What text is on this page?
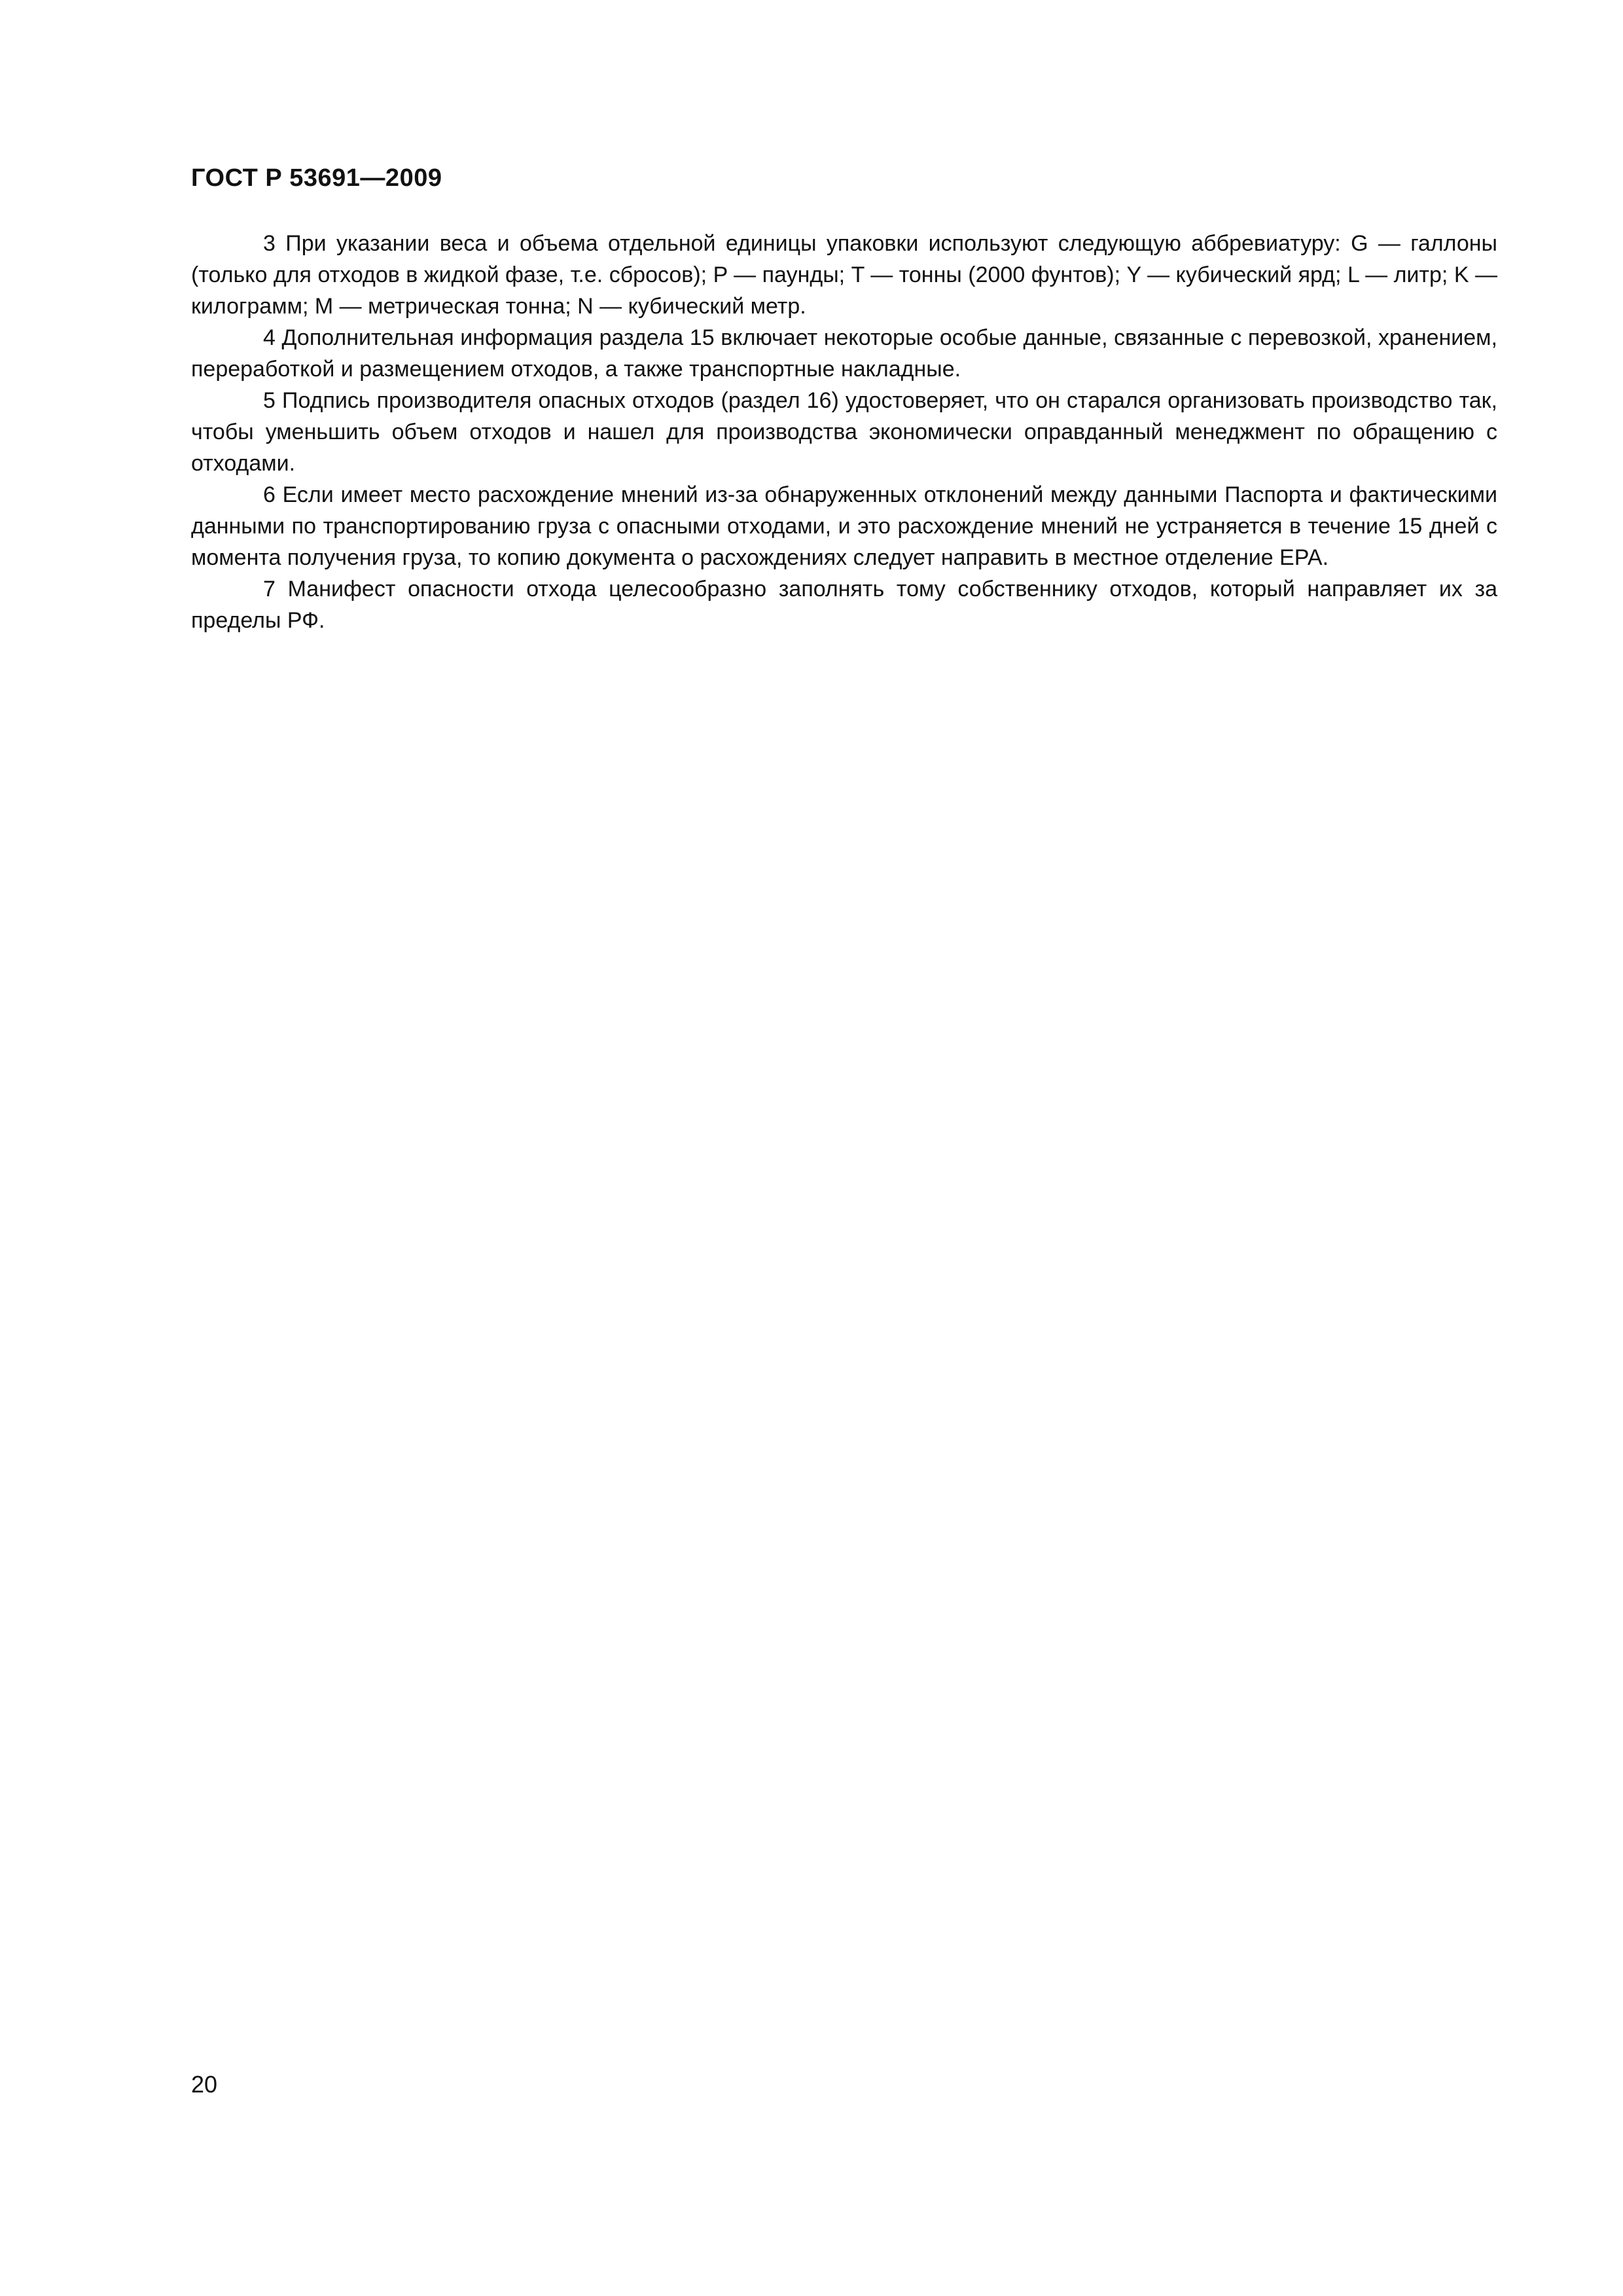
ГОСТ Р 53691—2009

3 При указании веса и объема отдельной единицы упаковки используют следующую аббревиатуру: G — галлоны (только для отходов в жидкой фазе, т.е. сбросов); P — паунды; T — тонны (2000 фунтов); Y — кубический ярд; L — литр; K — килограмм; M — метрическая тонна; N — кубический метр.

4 Дополнительная информация раздела 15 включает некоторые особые данные, связанные с перевозкой, хранением, переработкой и размещением отходов, а также транспортные накладные.

5 Подпись производителя опасных отходов (раздел 16) удостоверяет, что он старался организовать производство так, чтобы уменьшить объем отходов и нашел для производства экономически оправданный менеджмент по обращению с отходами.

6 Если имеет место расхождение мнений из-за обнаруженных отклонений между данными Паспорта и фактическими данными по транспортированию груза с опасными отходами, и это расхождение мнений не устраняется в течение 15 дней с момента получения груза, то копию документа о расхождениях следует направить в местное отделение EPA.

7 Манифест опасности отхода целесообразно заполнять тому собственнику отходов, который направляет их за пределы РФ.

20
